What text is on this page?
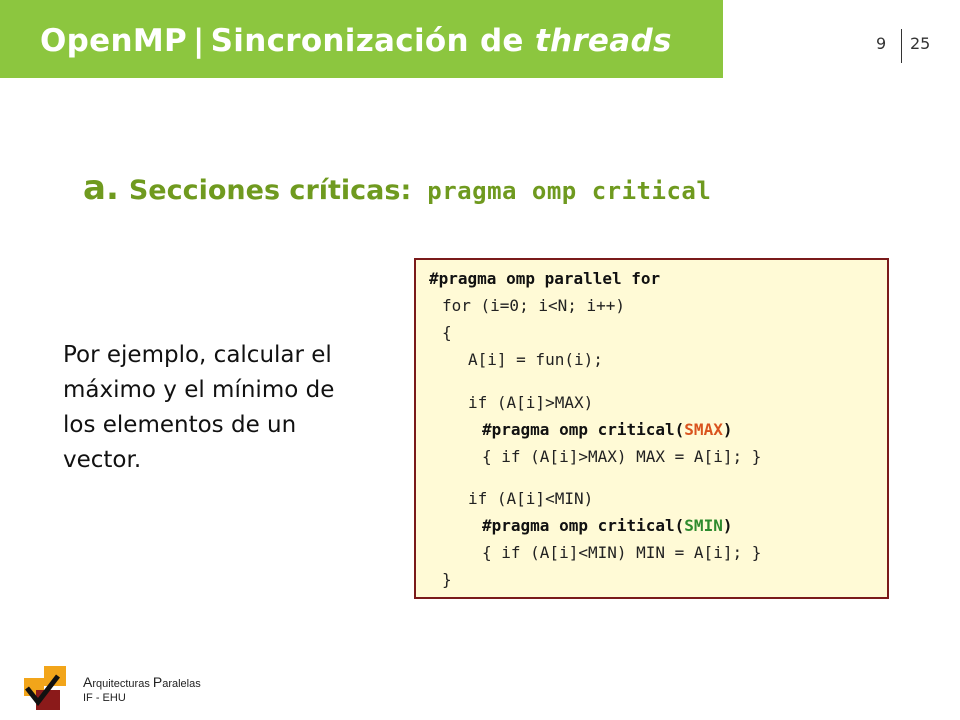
OpenMP | Sincronización de threads	9 25
a. Secciones críticas: pragma omp critical
Por ejemplo, calcular el máximo y el mínimo de los elementos de un vector.
#pragma omp parallel for
for (i=0; i<N; i++)
{
A[i] = fun(i);
if (A[i]>MAX)
#pragma omp critical(SMAX)
{ if (A[i]>MAX) MAX = A[i]; }
if (A[i]<MIN)
#pragma omp critical(SMIN)
{ if (A[i]<MIN) MIN = A[i]; }
}
Arquitecturas Paralelas
IF - EHU
